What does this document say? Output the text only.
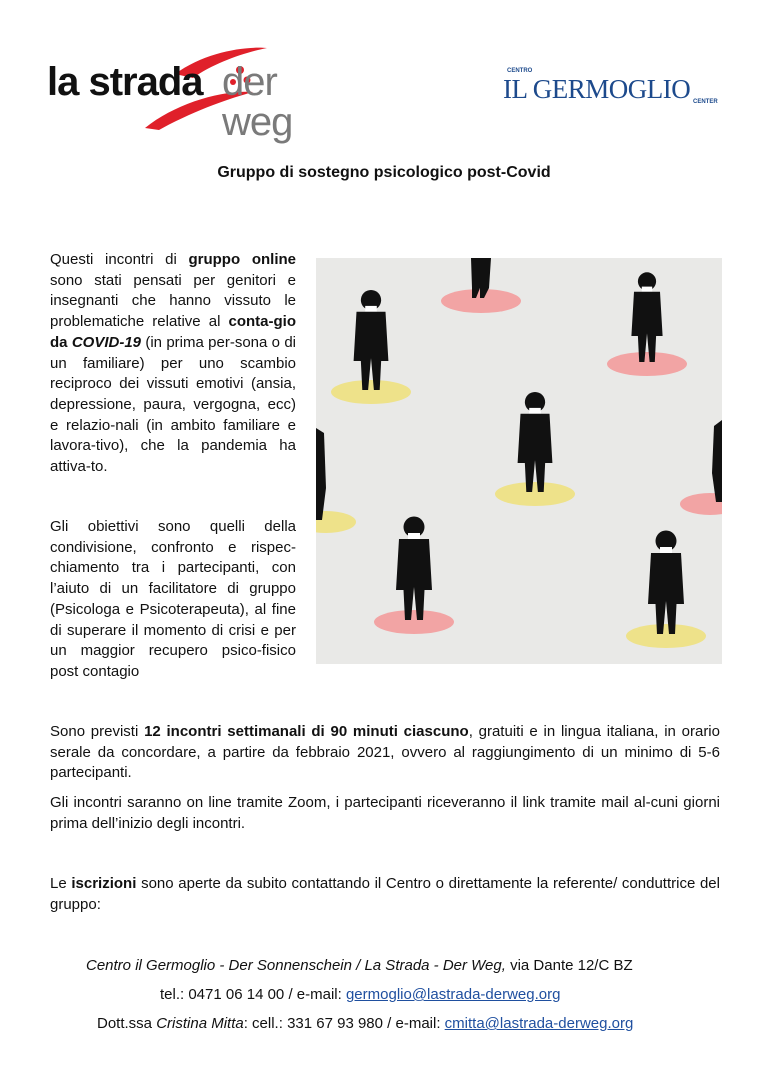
la strada der weg
CENTRO
IL GERMOGLIO CENTER
Gruppo di sostegno psicologico post-Covid
Questi incontri di gruppo online sono stati pensati per genitori e insegnanti che hanno vissuto le problematiche relative al conta-gio da COVID-19 (in prima per-sona o di un familiare) per uno scambio reciproco dei vissuti emotivi (ansia, depressione, paura, vergogna, ecc) e relazio-nali (in ambito familiare e lavora-tivo), che la pandemia ha attiva-to.
Gli obiettivi sono quelli della condivisione, confronto e rispec-chiamento tra i partecipanti, con l’aiuto di un facilitatore di gruppo (Psicologa e Psicoterapeuta), al fine di superare il momento di crisi e per un maggior recupero psico-fisico post contagio
Sono previsti 12 incontri settimanali di 90 minuti ciascuno, gratuiti e in lingua italiana, in orario serale da concordare, a partire da febbraio 2021, ovvero al raggiungimento di un minimo di 5-6 partecipanti.
Gli incontri saranno on line tramite Zoom, i partecipanti riceveranno il link tramite mail al-cuni giorni prima dell’inizio degli incontri.
Le iscrizioni sono aperte da subito contattando il Centro o direttamente la referente/ conduttrice del gruppo:
Centro il Germoglio - Der Sonnenschein / La Strada - Der Weg, via Dante 12/C BZ
tel.: 0471 06 14 00 / e-mail: germoglio@lastrada-derweg.org
Dott.ssa Cristina Mitta: cell.: 331 67 93 980 / e-mail: cmitta@lastrada-derweg.org
